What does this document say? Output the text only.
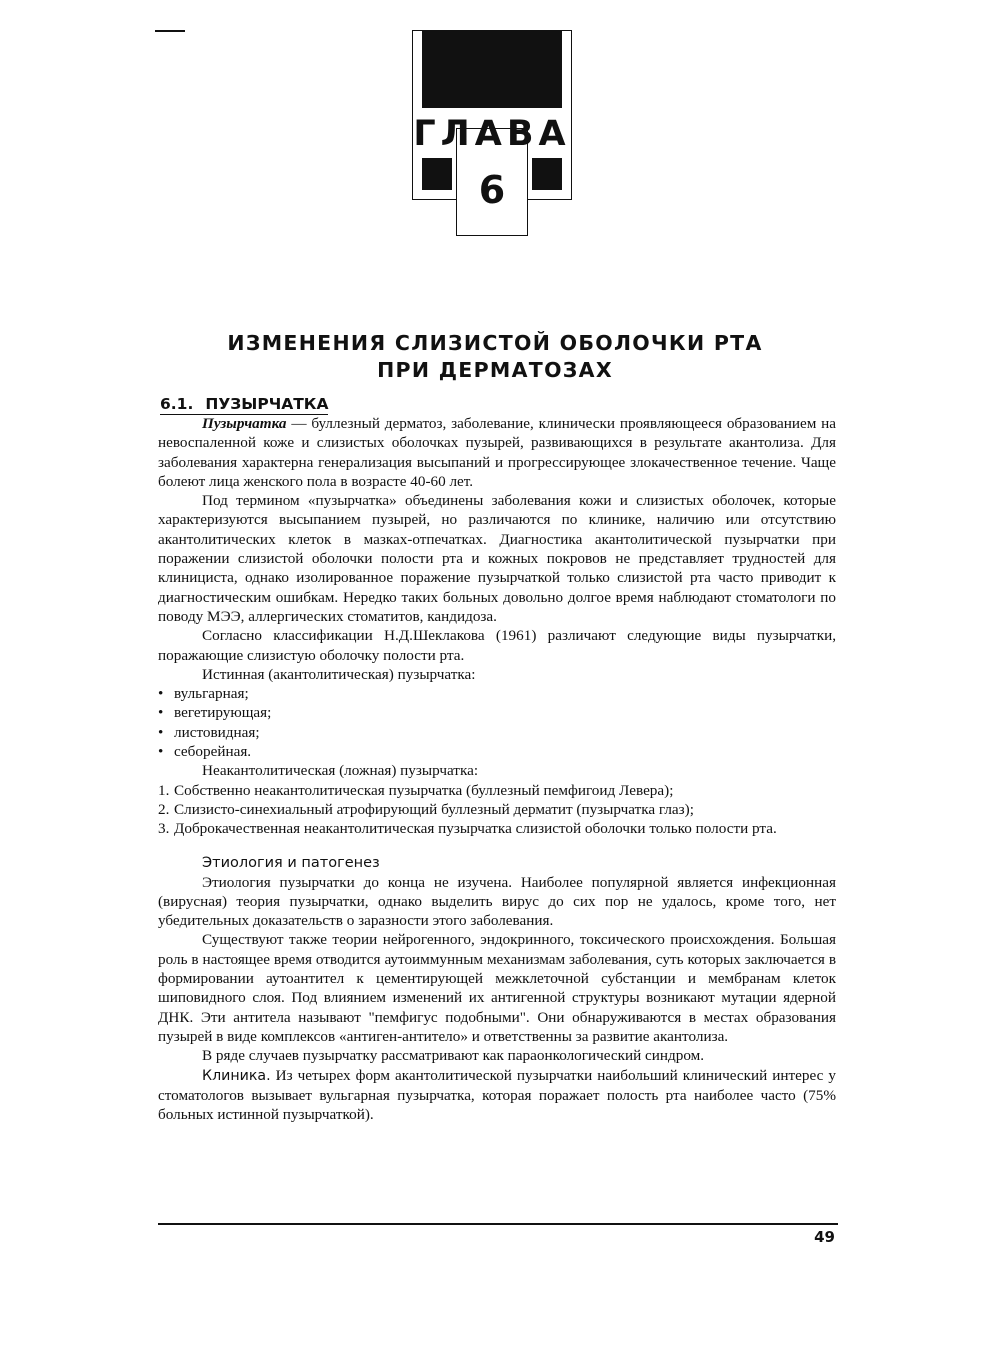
ГЛАВА
6
ИЗМЕНЕНИЯ СЛИЗИСТОЙ ОБОЛОЧКИ РТА
ПРИ ДЕРМАТОЗАХ
6.1. ПУЗЫРЧАТКА

Пузырчатка — буллезный дерматоз, заболевание, клинически проявляющееся образованием на невоспаленной коже и слизистых оболочках пузырей, развивающихся в результате акантолиза. Для заболевания характерна генерализация высыпаний и прогрессирующее злокачественное течение. Чаще болеют лица женского пола в возрасте 40-60 лет.

Под термином «пузырчатка» объединены заболевания кожи и слизистых оболочек, которые характеризуются высыпанием пузырей, но различаются по клинике, наличию или отсутствию акантолитических клеток в мазках-отпечатках. Диагностика акантолитической пузырчатки при поражении слизистой оболочки полости рта и кожных покровов не представляет трудностей для клинициста, однако изолированное поражение пузырчаткой только слизистой рта часто приводит к диагностическим ошибкам. Нередко таких больных довольно долгое время наблюдают стоматологи по поводу МЭЭ, аллергических стоматитов, кандидоза.

Согласно классификации Н.Д.Шеклакова (1961) различают следующие виды пузырчатки, поражающие слизистую оболочку полости рта.

Истинная (акантолитическая) пузырчатка:

• вульгарная;
• вегетирующая;
• листовидная;
• себорейная.

Неакантолитическая (ложная) пузырчатка:

1. Собственно неакантолитическая пузырчатка (буллезный пемфигоид Левера);
2. Слизисто-синехиальный атрофирующий буллезный дерматит (пузырчатка глаз);
3. Доброкачественная неакантолитическая пузырчатка слизистой оболочки только полости рта.
Этиология и патогенез

Этиология пузырчатки до конца не изучена. Наиболее популярной является инфекционная (вирусная) теория пузырчатки, однако выделить вирус до сих пор не удалось, кроме того, нет убедительных доказательств о заразности этого заболевания.

Существуют также теории нейрогенного, эндокринного, токсического происхождения. Большая роль в настоящее время отводится аутоиммунным механизмам заболевания, суть которых заключается в формировании аутоантител к цементирующей межклеточной субстанции и мембранам клеток шиповидного слоя. Под влиянием изменений их антигенной структуры возникают мутации ядерной ДНК. Эти антитела называют "пемфигус подобными". Они обнаруживаются в местах образования пузырей в виде комплексов «антиген-антитело» и ответственны за развитие акантолиза.

В ряде случаев пузырчатку рассматривают как параонкологический синдром.

Клиника. Из четырех форм акантолитической пузырчатки наибольший клинический интерес у стоматологов вызывает вульгарная пузырчатка, которая поражает полость рта наиболее часто (75% больных истинной пузырчаткой).

49
